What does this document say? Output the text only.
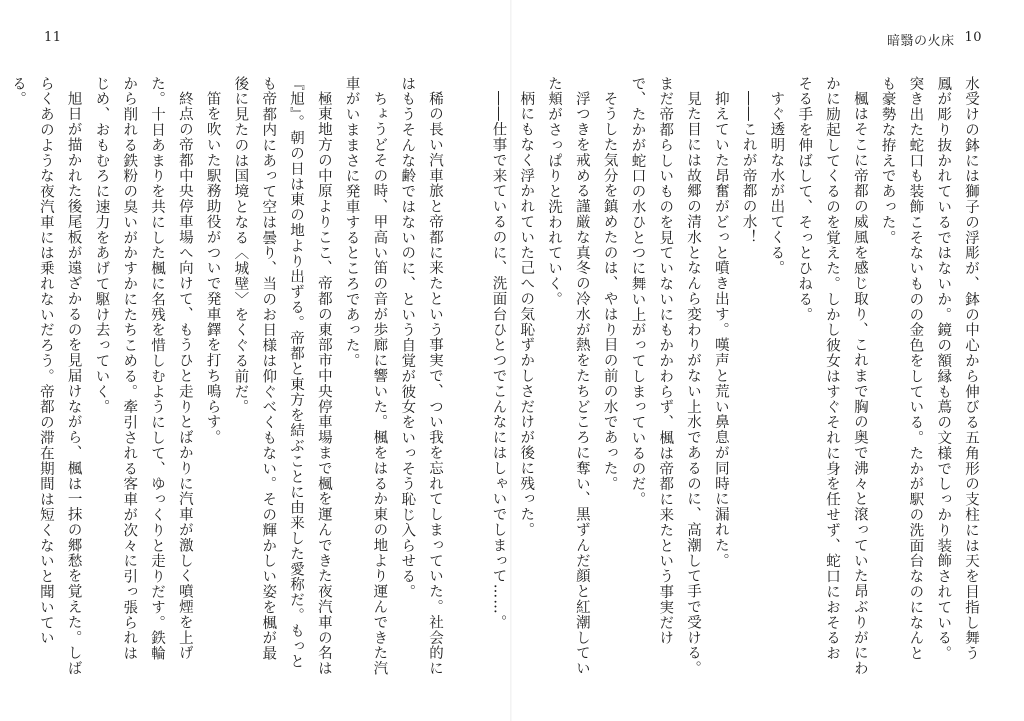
11

稀の長い汽車旅と帝都に来たという事実で、つい我を忘れてしまっていた。社会的にはもうそんな齢ではないのに、という自覚が彼女をいっそう恥じ入らせる。

ちょうどその時、甲高い笛の音が歩廊に響いた。楓をはるか東の地より運んできた汽車がいままさに発車するところであった。

極東地方の中原よりここ、帝都の東部市中央停車場まで楓を運んできた夜汽車の名は『旭』。朝の日は東の地より出ずる。帝都と東方を結ぶことに由来した愛称だ。もっとも帝都内にあって空は曇り、当のお日様は仰ぐべくもない。その輝かしい姿を楓が最後に見たのは国境となる〈城壁〉をくぐる前だ。

笛を吹いた駅務助役がついで発車鐸を打ち鳴らす。

終点の帝都中央停車場へ向けて、もうひと走りとばかりに汽車が激しく噴煙を上げた。十日あまりを共にした楓に名残を惜しむようにして、ゆっくりと走りだす。鉄輪から削れる鉄粉の臭いがかすかにたちこめる。牽引される客車が次々に引っ張られはじめ、おもむろに速力をあげて駆け去っていく。

旭日が描かれた後尾板が遠ざかるのを見届けながら、楓は一抹の郷愁を覚えた。しばらくあのような夜汽車には乗れないだろう。帝都の滞在期間は短くないと聞いている。

暗翳の火床 10

水受けの鉢には獅子の浮彫が、鉢の中心から伸びる五角形の支柱には天を目指し舞う鳳が彫り抜かれているではないか。鏡の額縁も蔦の文様でしっかり装飾されている。突き出た蛇口も装飾こそないものの金色をしている。たかが駅の洗面台なのになんとも豪勢な拵えであった。

楓はそこに帝都の威風を感じ取り、これまで胸の奥で沸々と滾っていた昂ぶりがにわかに励起してくるのを覚えた。しかし彼女はすぐそれに身を任せず、蛇口におそるおそる手を伸ばして、そっとひねる。

すぐ透明な水が出てくる。

――これが帝都の水！

抑えていた昂奮がどっと噴き出す。嘆声と荒い鼻息が同時に漏れた。

見た目には故郷の清水となんら変わりがない上水であるのに、高潮して手で受ける。まだ帝都らしいものを見ていないにもかかわらず、楓は帝都に来たという事実だけで、たかが蛇口の水ひとつに舞い上がってしまっているのだ。

そうした気分を鎮めたのは、やはり目の前の水であった。

浮つきを戒める謹厳な真冬の冷水が熱をたちどころに奪い、黒ずんだ顔と紅潮していた頬がさっぱりと洗われていく。

柄にもなく浮かれていた己への気恥ずかしさだけが後に残った。

――仕事で来ているのに、洗面台ひとつでこんなにはしゃいでしまって……。
